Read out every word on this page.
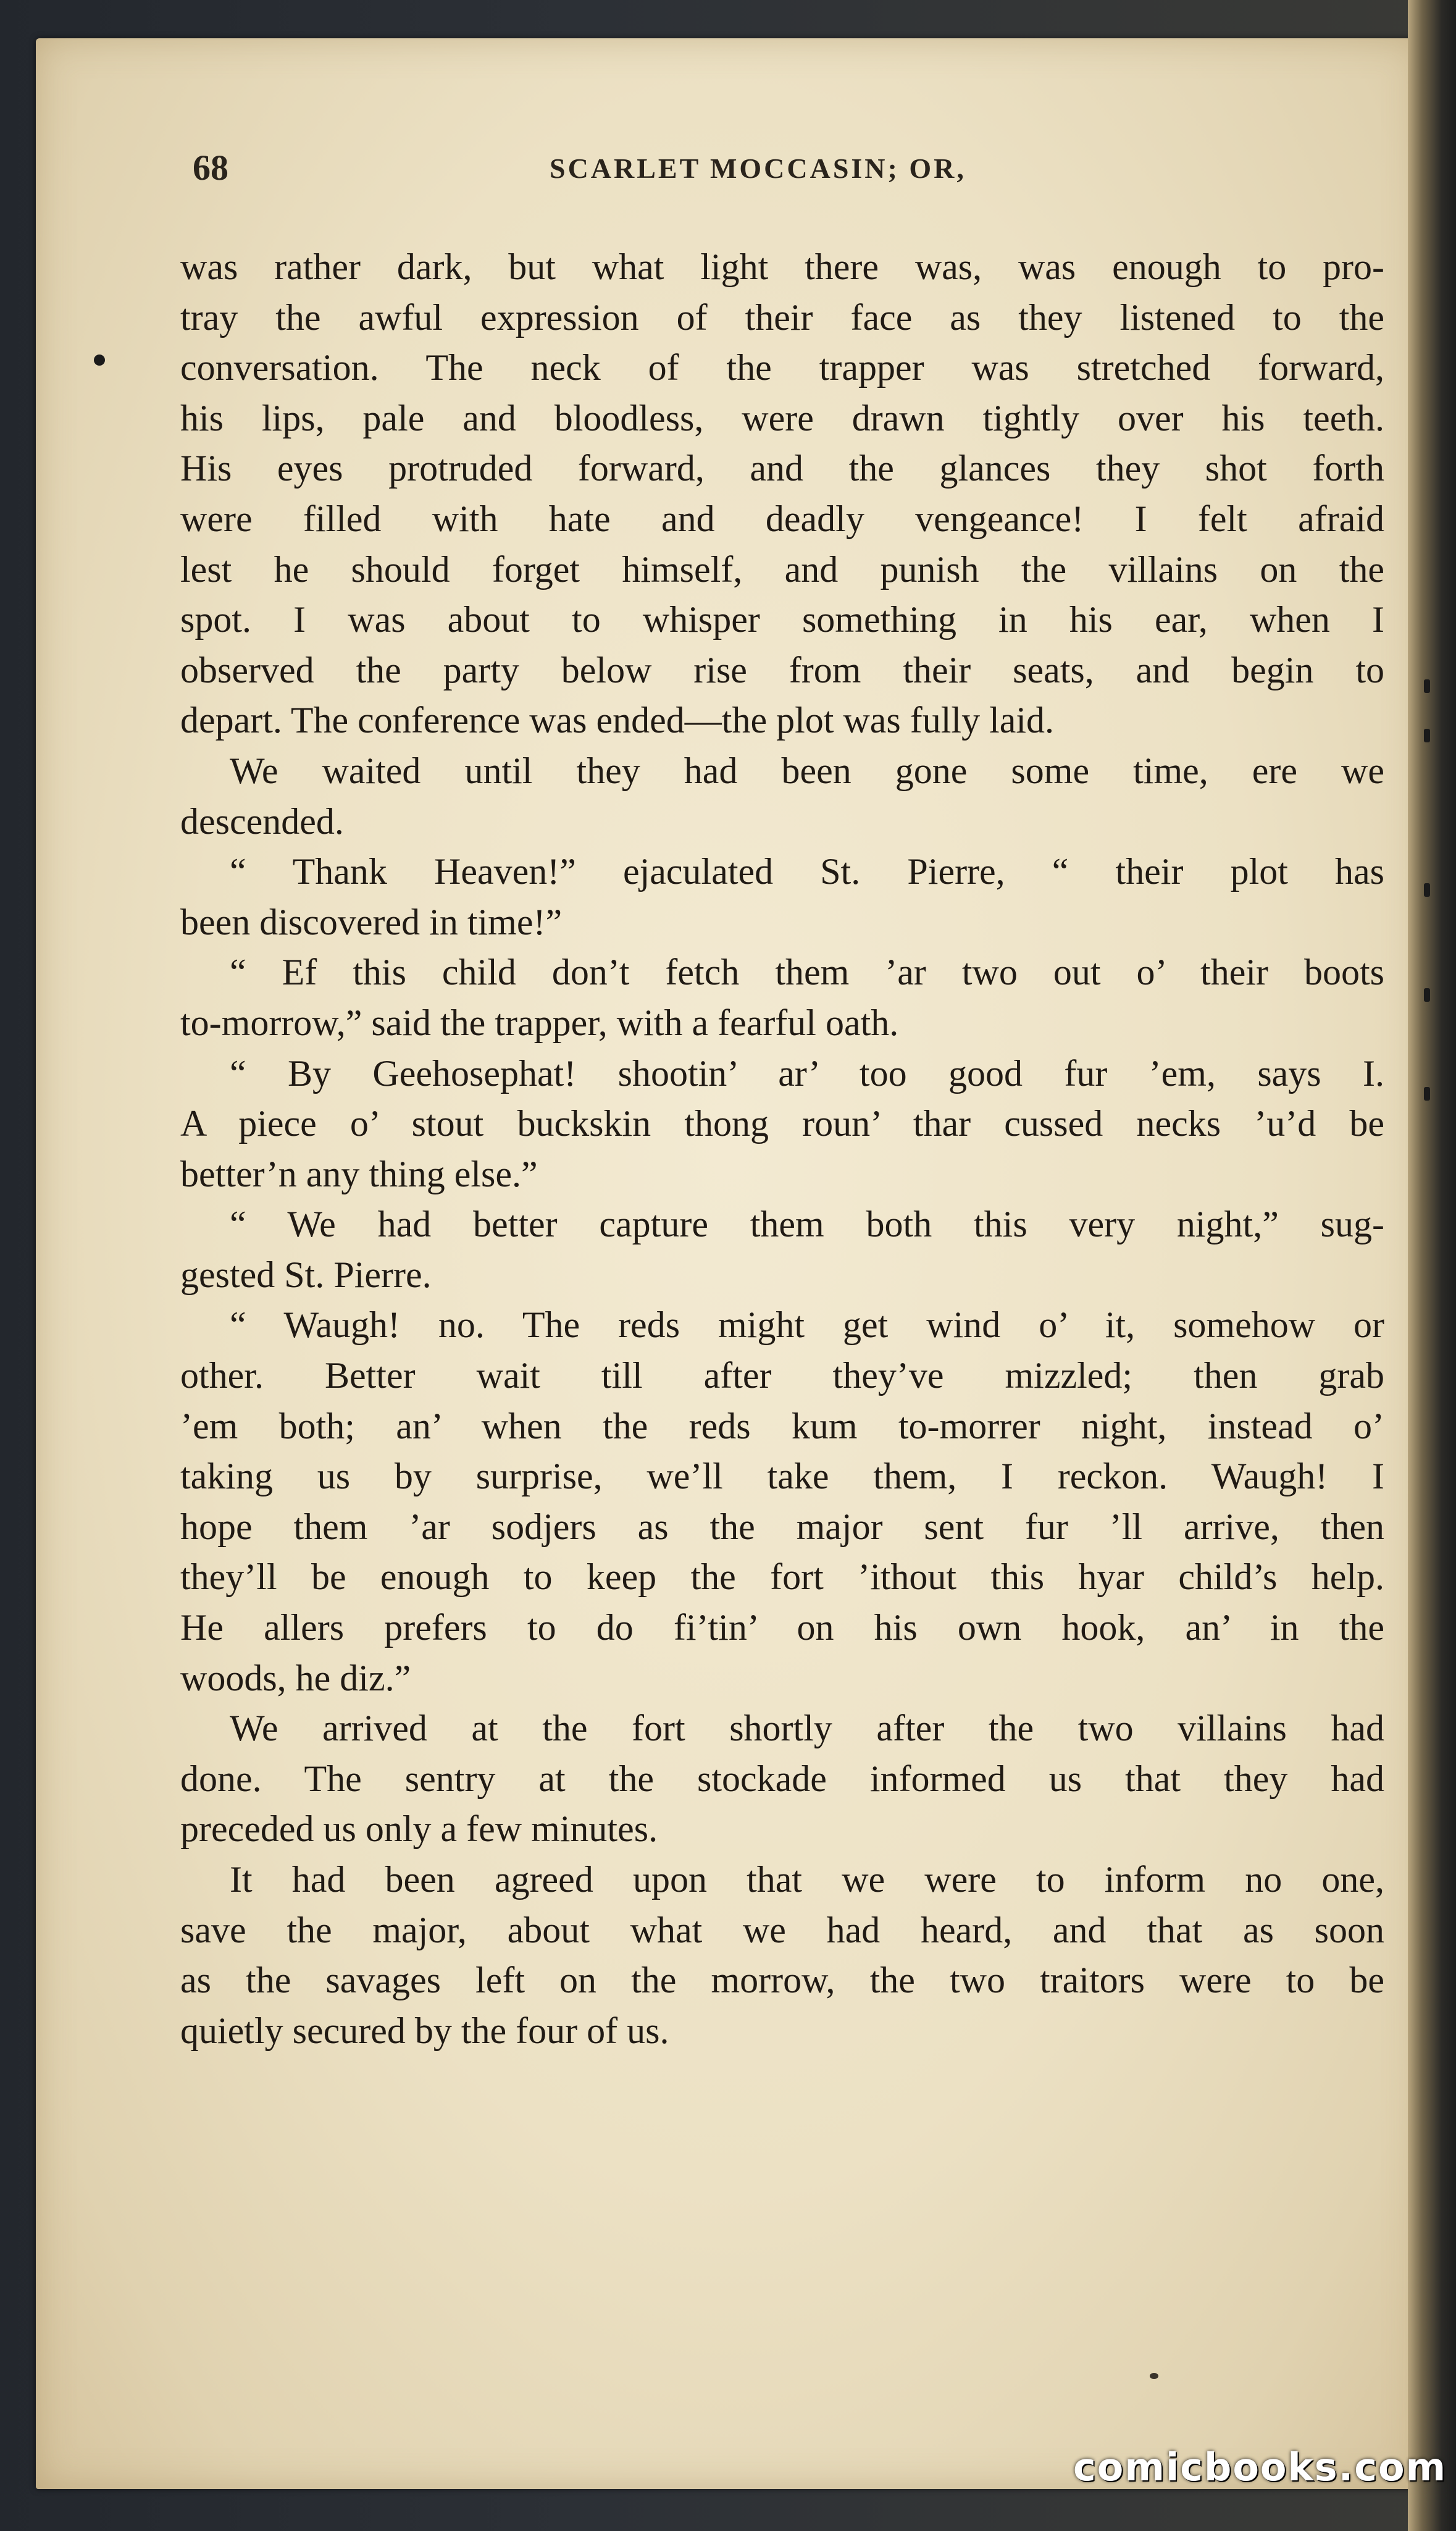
68	SCARLET MOCCASIN; OR,
was rather dark, but what light there was, was enough to pro-
tray the awful expression of their face as they listened to the
conversation. The neck of the trapper was stretched forward,
his lips, pale and bloodless, were drawn tightly over his teeth.
His eyes protruded forward, and the glances they shot forth
were filled with hate and deadly vengeance! I felt afraid
lest he should forget himself, and punish the villains on the
spot. I was about to whisper something in his ear, when I
observed the party below rise from their seats, and begin to
depart. The conference was ended—the plot was fully laid.
We waited until they had been gone some time, ere we
descended.
“ Thank Heaven!” ejaculated St. Pierre, “ their plot has
been discovered in time!”
“ Ef this child don’t fetch them ’ar two out o’ their boots
to-morrow,” said the trapper, with a fearful oath.
“ By Geehosephat! shootin’ ar’ too good fur ’em, says I.
A piece o’ stout buckskin thong roun’ thar cussed necks ’u’d be
better’n any thing else.”
“ We had better capture them both this very night,” sug-
gested St. Pierre.
“ Waugh! no. The reds might get wind o’ it, somehow or
other. Better wait till after they’ve mizzled; then grab
’em both; an’ when the reds kum to-morrer night, instead o’
taking us by surprise, we’ll take them, I reckon. Waugh! I
hope them ’ar sodjers as the major sent fur ’ll arrive, then
they’ll be enough to keep the fort ’ithout this hyar child’s help.
He allers prefers to do fi’tin’ on his own hook, an’ in the
woods, he diz.”
We arrived at the fort shortly after the two villains had
done. The sentry at the stockade informed us that they had
preceded us only a few minutes.
It had been agreed upon that we were to inform no one,
save the major, about what we had heard, and that as soon
as the savages left on the morrow, the two traitors were to be
quietly secured by the four of us.
comicbooks.com
